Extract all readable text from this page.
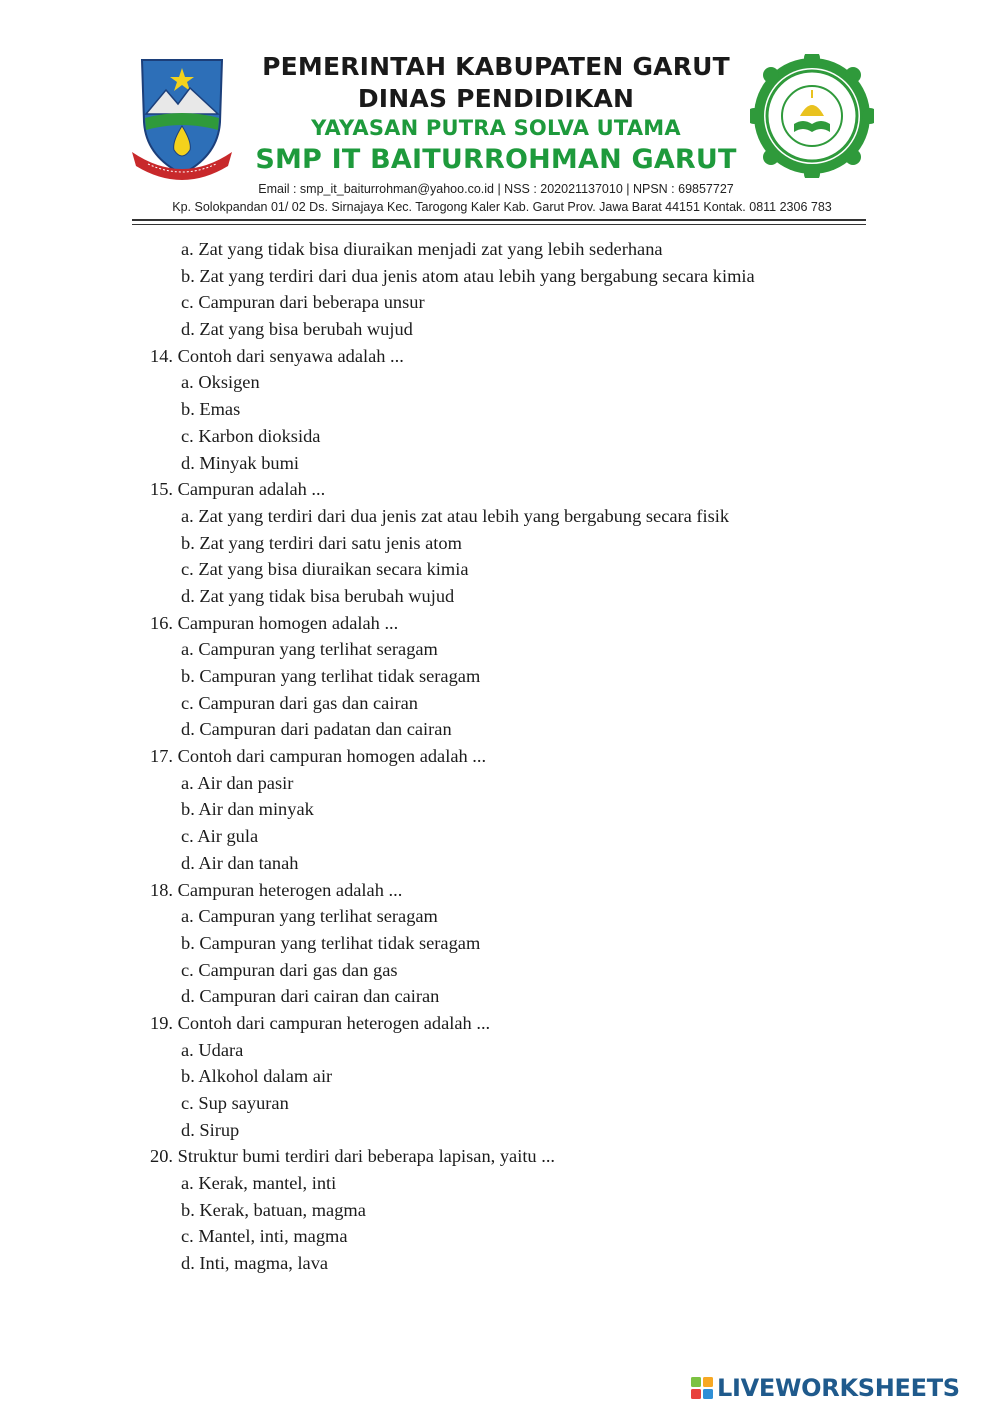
PEMERINTAH KABUPATEN GARUT
DINAS PENDIDIKAN
YAYASAN PUTRA SOLVA UTAMA
SMP IT BAITURROHMAN GARUT
Email : smp_it_baiturrohman@yahoo.co.id | NSS : 202021137010 | NPSN : 69857727
Kp. Solokpandan 01/ 02 Ds. Sirnajaya Kec. Tarogong Kaler Kab. Garut Prov. Jawa Barat 44151 Kontak. 0811 2306 783
a. Zat yang tidak bisa diuraikan menjadi zat yang lebih sederhana
b. Zat yang terdiri dari dua jenis atom atau lebih yang bergabung secara kimia
c. Campuran dari beberapa unsur
d. Zat yang bisa berubah wujud
14. Contoh dari senyawa adalah ...
a. Oksigen
b. Emas
c. Karbon dioksida
d. Minyak bumi
15. Campuran adalah ...
a. Zat yang terdiri dari dua jenis zat atau lebih yang bergabung secara fisik
b. Zat yang terdiri dari satu jenis atom
c. Zat yang bisa diuraikan secara kimia
d. Zat yang tidak bisa berubah wujud
16. Campuran homogen adalah ...
a. Campuran yang terlihat seragam
b. Campuran yang terlihat tidak seragam
c. Campuran dari gas dan cairan
d. Campuran dari padatan dan cairan
17. Contoh dari campuran homogen adalah ...
a. Air dan pasir
b. Air dan minyak
c. Air gula
d. Air dan tanah
18. Campuran heterogen adalah ...
a. Campuran yang terlihat seragam
b. Campuran yang terlihat tidak seragam
c. Campuran dari gas dan gas
d. Campuran dari cairan dan cairan
19. Contoh dari campuran heterogen adalah ...
a. Udara
b. Alkohol dalam air
c. Sup sayuran
d. Sirup
20. Struktur bumi terdiri dari beberapa lapisan, yaitu ...
a. Kerak, mantel, inti
b. Kerak, batuan, magma
c. Mantel, inti, magma
d. Inti, magma, lava
LIVEWORKSHEETS
